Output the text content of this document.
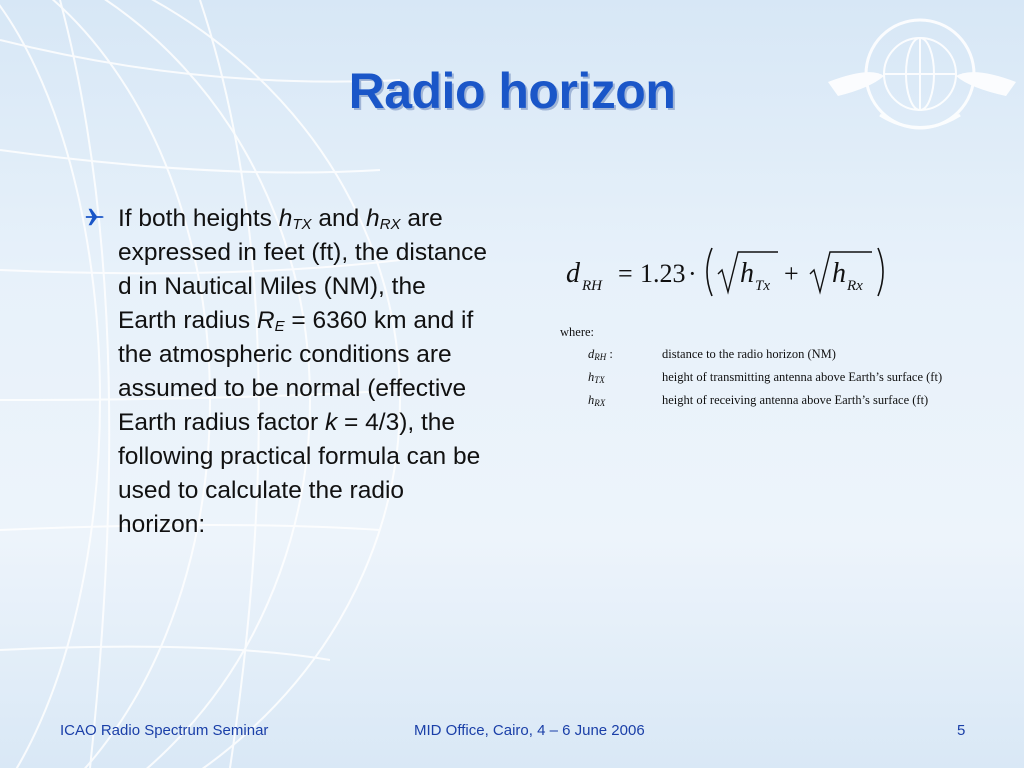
Radio horizon
If both heights $h_{TX}$ and $h_{RX}$ are expressed in feet (ft), the distance d in Nautical Miles (NM), the Earth radius $R_E = 6360$ km and if the atmospheric conditions are assumed to be normal (effective Earth radius factor k = 4/3), the following practical formula can be used to calculate the radio horizon:
d RH = 1.23 · h Tx + h Rx
where:
$d_{RH}$ :	distance to the radio horizon (NM)
$h_{TX}$	height of transmitting antenna above Earth’s surface (ft)
$h_{RX}$	height of receiving antenna above Earth’s surface (ft)
ICAO Radio Spectrum Seminar	MID Office, Cairo, 4 – 6 June 2006	5
